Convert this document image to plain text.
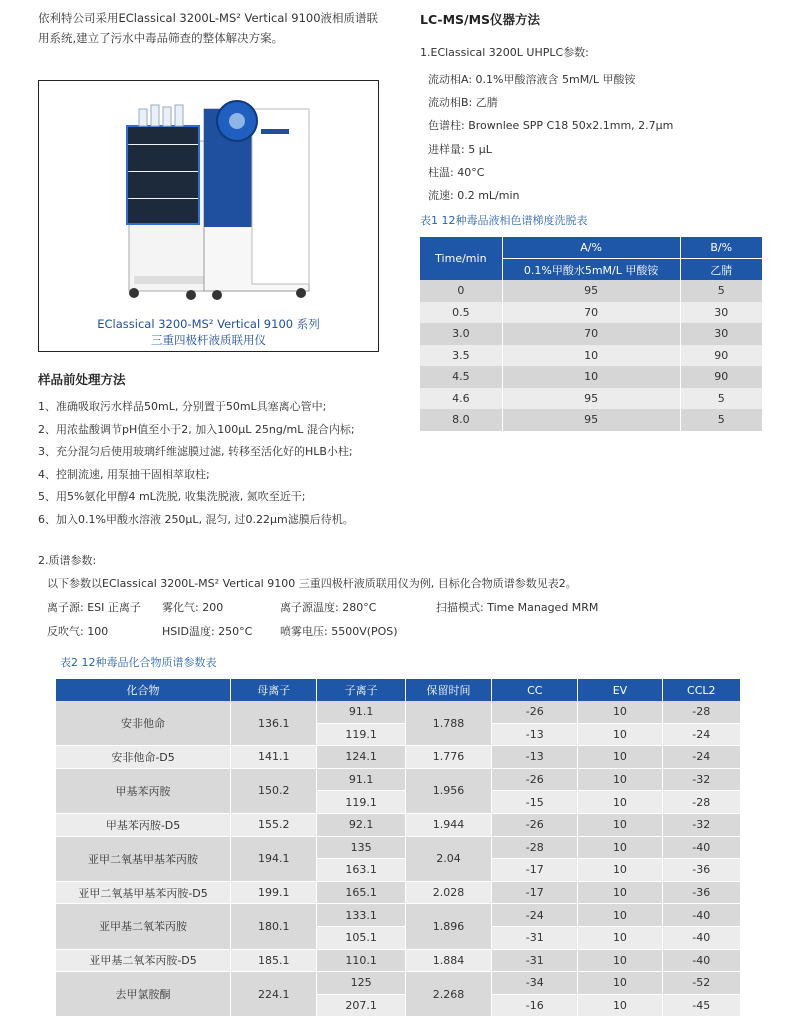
依利特公司采用EClassical 3200L-MS² Vertical 9100液相质谱联
用系统,建立了污水中毒品筛查的整体解决方案。
EClassical 3200-MS² Vertical 9100 系列
三重四极杆液质联用仪
样品前处理方法
1、准确吸取污水样品50mL, 分别置于50mL具塞离心管中;
2、用浓盐酸调节pH值至小于2, 加入100μL 25ng/mL 混合内标;
3、充分混匀后使用玻璃纤维滤膜过滤, 转移至活化好的HLB小柱;
4、控制流速, 用泵抽干固相萃取柱;
5、用5%氨化甲醇4 mL洗脱, 收集洗脱液, 氮吹至近干;
6、加入0.1%甲酸水溶液 250μL, 混匀, 过0.22μm滤膜后待机。
LC-MS/MS仪器方法
1.EClassical 3200L UHPLC参数:
流动相A: 0.1%甲酸溶液含 5mM/L 甲酸铵
流动相B: 乙腈
色谱柱: Brownlee SPP C18 50x2.1mm, 2.7μm
进样量: 5 μL
柱温: 40°C
流速: 0.2 mL/min
表1 12种毒品液相色谱梯度洗脱表
Time/min	A/%	B/%
	0.1%甲酸水5mM/L 甲酸铵	乙腈
0	95	5
0.5	70	30
3.0	70	30
3.5	10	90
4.5	10	90
4.6	95	5
8.0	95	5
2.质谱参数:
以下参数以EClassical 3200L-MS² Vertical 9100 三重四极杆液质联用仪为例, 目标化合物质谱参数见表2。
离子源: ESI 正离子 雾化气: 200	离子源温度: 280°C	扫描模式: Time Managed MRM
反吹气: 100	HSID温度: 250°C	喷雾电压: 5500V(POS)
表2 12种毒品化合物质谱参数表
化合物	母离子	子离子	保留时间	CC	EV	CCL2
安非他命	136.1	91.1	1.788	-26	10	-28
		119.1		-13	10	-24
安非他命-D5	141.1	124.1	1.776	-13	10	-24
甲基苯丙胺	150.2	91.1	1.956	-26	10	-32
		119.1		-15	10	-28
甲基苯丙胺-D5	155.2	92.1	1.944	-26	10	-32
亚甲二氧基甲基苯丙胺	194.1	135	2.04	-28	10	-40
		163.1		-17	10	-36
亚甲二氧基甲基苯丙胺-D5	199.1	165.1	2.028	-17	10	-36
亚甲基二氧苯丙胺	180.1	133.1	1.896	-24	10	-40
		105.1		-31	10	-40
亚甲基二氧苯丙胺-D5	185.1	110.1	1.884	-31	10	-40
去甲氯胺酮	224.1	125	2.268	-34	10	-52
		207.1		-16	10	-45
